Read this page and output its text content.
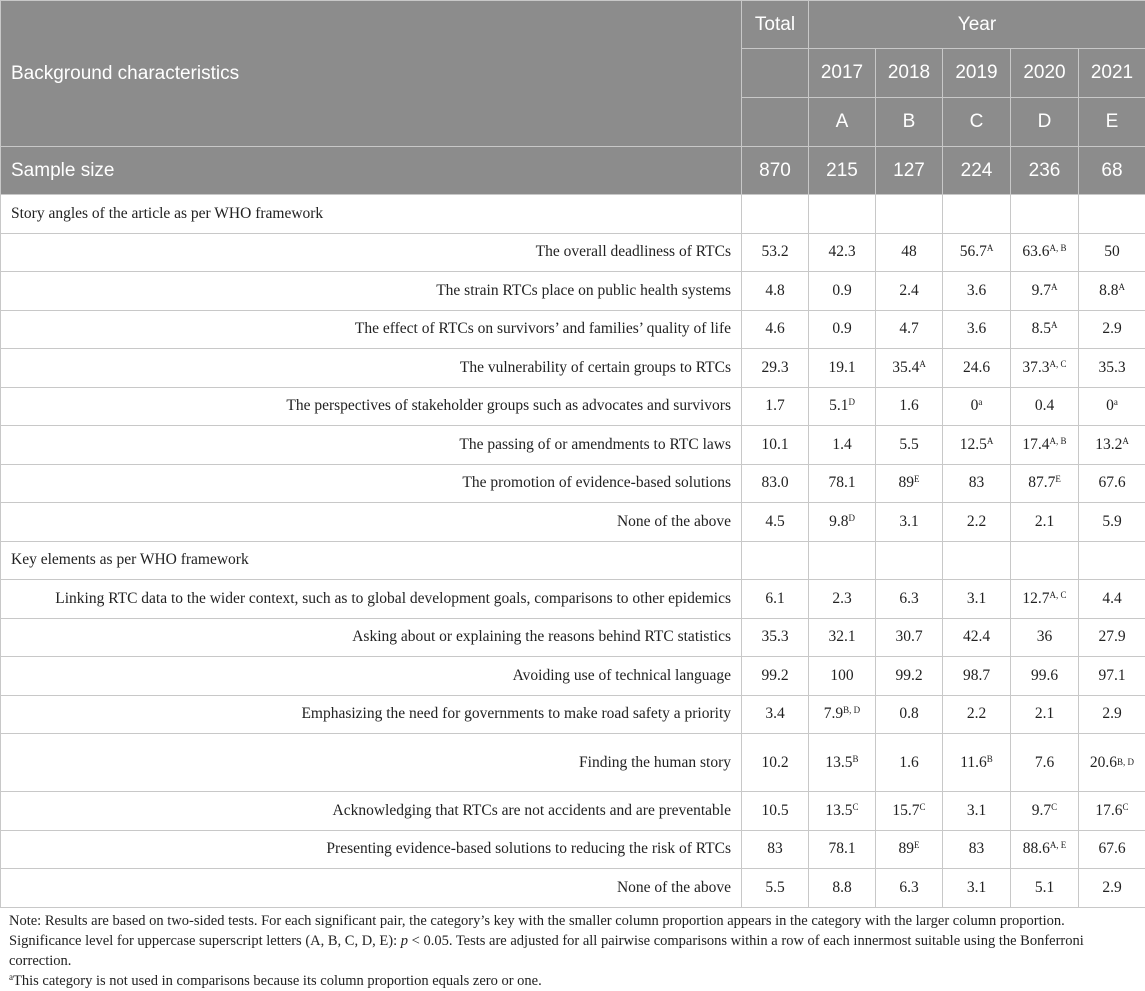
Background characteristics	Total	Year				
		2017	2018	2019	2020	2021
		A	B	C	D	E
Sample size	870	215	127	224	236	68
Story angles of the article as per WHO framework						
The overall deadliness of RTCs	53.2	42.3	48	$56.7^A$	$63.6^{A, B}$	50
The strain RTCs place on public health systems	4.8	0.9	2.4	3.6	$9.7^A$	$8.8^A$
The effect of RTCs on survivors’ and families’ quality of life	4.6	0.9	4.7	3.6	$8.5^A$	2.9
The vulnerability of certain groups to RTCs	29.3	19.1	$35.4^A$	24.6	$37.3^{A, C}$	35.3
The perspectives of stakeholder groups such as advocates and survivors	1.7	$5.1^D$	1.6	0$^a$	0.4	0$^a$
The passing of or amendments to RTC laws	10.1	1.4	5.5	$12.5^A$	$17.4^{A, B}$	$13.2^A$
The promotion of evidence-based solutions	83.0	78.1	$89^E$	83	$87.7^E$	67.6
None of the above	4.5	$9.8^D$	3.1	2.2	2.1	5.9
Key elements as per WHO framework						
Linking RTC data to the wider context, such as to global development goals, comparisons to other epidemics	6.1	2.3	6.3	3.1	$12.7^{A, C}$	4.4
Asking about or explaining the reasons behind RTC statistics	35.3	32.1	30.7	42.4	36	27.9
Avoiding use of technical language	99.2	100	99.2	98.7	99.6	97.1
Emphasizing the need for governments to make road safety a priority	3.4	$7.9^{B, D}$	0.8	2.2	2.1	2.9
Finding the human story	10.2	$13.5^B$	1.6	$11.6^B$	7.6	$20.6^{B, D}$
Acknowledging that RTCs are not accidents and are preventable	10.5	$13.5^C$	$15.7^C$	3.1	$9.7^C$	$17.6^C$
Presenting evidence-based solutions to reducing the risk of RTCs	83	78.1	$89^E$	83	$88.6^{A, E}$	67.6
None of the above	5.5	8.8	6.3	3.1	5.1	2.9

Note: Results are based on two-sided tests. For each significant pair, the category’s key with the smaller column proportion appears in the category with the larger column proportion. Significance level for uppercase superscript letters (A, B, C, D, E): p < 0.05. Tests are adjusted for all pairwise comparisons within a row of each innermost suitable using the Bonferroni correction.

$^a$This category is not used in comparisons because its column proportion equals zero or one.
